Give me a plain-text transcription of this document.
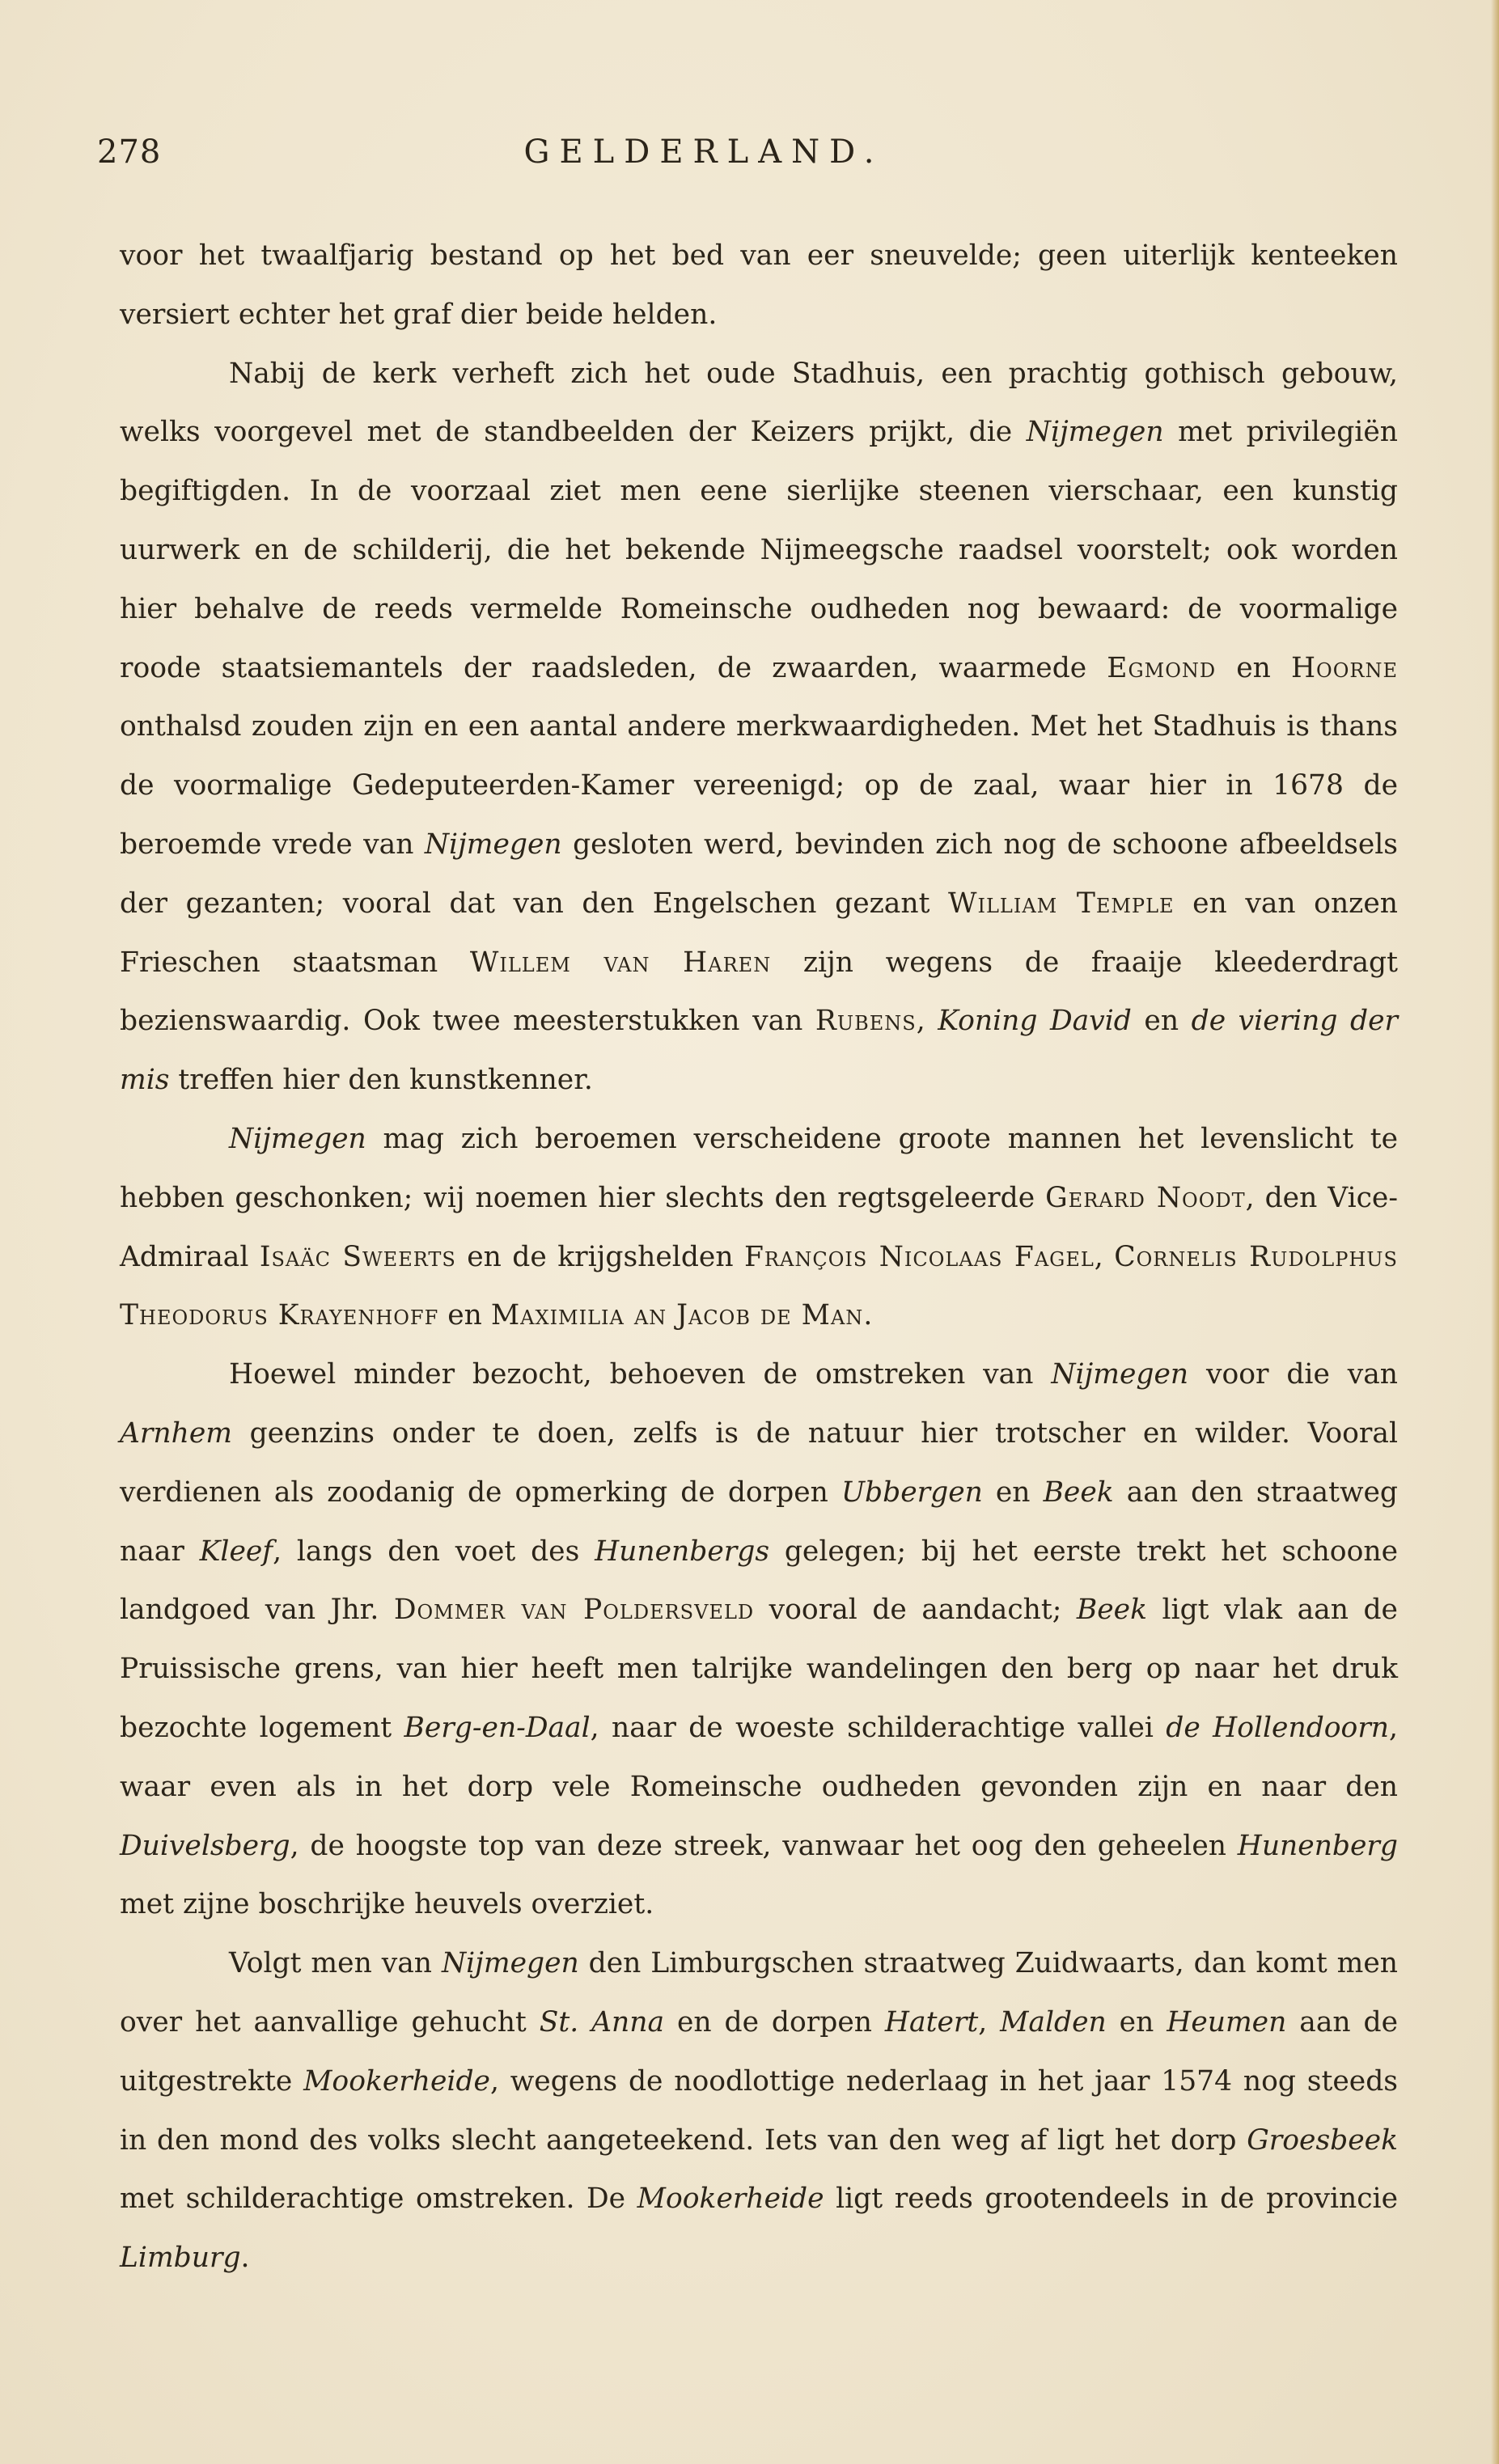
278	GELDERLAND.

voor het twaalfjarig bestand op het bed van eer sneuvelde; geen uiterlijk kenteeken versiert echter het graf dier beide helden.

Nabij de kerk verheft zich het oude Stadhuis, een prachtig gothisch gebouw, welks voorgevel met de standbeelden der Keizers prijkt, die Nijmegen met privilegiën begiftigden. In de voorzaal ziet men eene sierlijke steenen vierschaar, een kunstig uurwerk en de schilderij, die het bekende Nijmeegsche raadsel voorstelt; ook worden hier behalve de reeds vermelde Romeinsche oudheden nog bewaard: de voormalige roode staatsiemantels der raadsleden, de zwaarden, waarmede Egmond en Hoorne onthalsd zouden zijn en een aantal andere merkwaardigheden. Met het Stadhuis is thans de voormalige Gedeputeerden-Kamer vereenigd; op de zaal, waar hier in 1678 de beroemde vrede van Nijmegen gesloten werd, bevinden zich nog de schoone afbeeldsels der gezanten; vooral dat van den Engelschen gezant William Temple en van onzen Frieschen staatsman Willem van Haren zijn wegens de fraaije kleederdragt bezienswaardig. Ook twee meesterstukken van Rubens, Koning David en de viering der mis treffen hier den kunstkenner.

Nijmegen mag zich beroemen verscheidene groote mannen het levenslicht te hebben geschonken; wij noemen hier slechts den regtsgeleerde Gerard Noodt, den Vice-Admiraal Isaäc Sweerts en de krijgshelden François Nicolaas Fagel, Cornelis Rudolphus Theodorus Krayenhoff en Maximilia an Jacob de Man.

Hoewel minder bezocht, behoeven de omstreken van Nijmegen voor die van Arnhem geenzins onder te doen, zelfs is de natuur hier trotscher en wilder. Vooral verdienen als zoodanig de opmerking de dorpen Ubbergen en Beek aan den straatweg naar Kleef, langs den voet des Hunenbergs gelegen; bij het eerste trekt het schoone landgoed van Jhr. Dommer van Poldersveld vooral de aandacht; Beek ligt vlak aan de Pruissische grens, van hier heeft men talrijke wandelingen den berg op naar het druk bezochte logement Berg-en-Daal, naar de woeste schilderachtige vallei de Hollendoorn, waar even als in het dorp vele Romeinsche oudheden gevonden zijn en naar den Duivelsberg, de hoogste top van deze streek, vanwaar het oog den geheelen Hunenberg met zijne boschrijke heuvels overziet.

Volgt men van Nijmegen den Limburgschen straatweg Zuidwaarts, dan komt men over het aanvallige gehucht St. Anna en de dorpen Hatert, Malden en Heumen aan de uitgestrekte Mookerheide, wegens de noodlottige nederlaag in het jaar 1574 nog steeds in den mond des volks slecht aangeteekend. Iets van den weg af ligt het dorp Groesbeek met schilderachtige omstreken. De Mookerheide ligt reeds grootendeels in de provincie Limburg.
